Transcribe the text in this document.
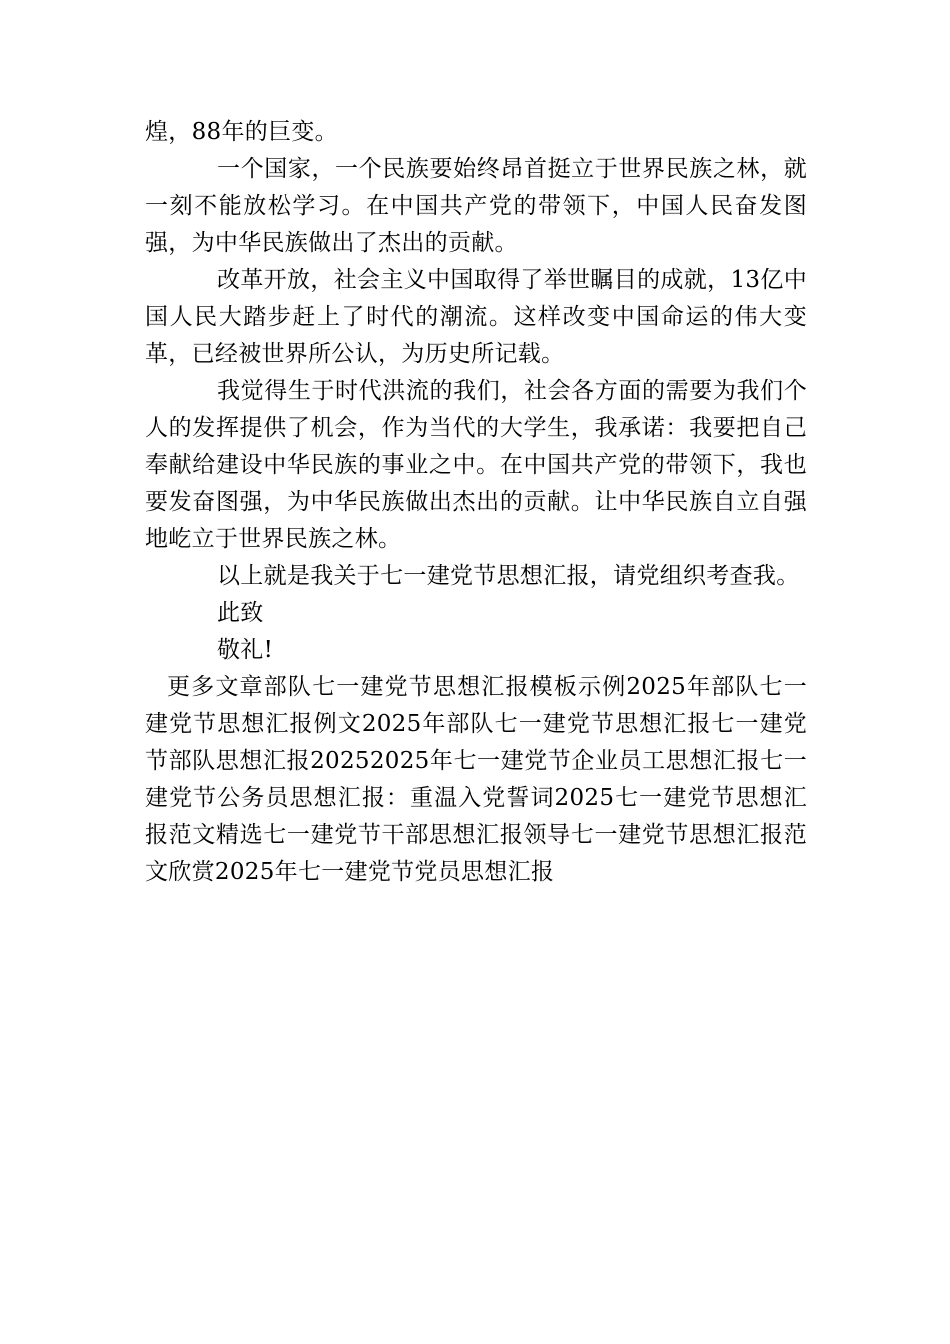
煌，88年的巨变。

一个国家，一个民族要始终昂首挺立于世界民族之林，就一刻不能放松学习。在中国共产党的带领下，中国人民奋发图强，为中华民族做出了杰出的贡献。

改革开放，社会主义中国取得了举世瞩目的成就，13亿中国人民大踏步赶上了时代的潮流。这样改变中国命运的伟大变革，已经被世界所公认，为历史所记载。

我觉得生于时代洪流的我们，社会各方面的需要为我们个人的发挥提供了机会，作为当代的大学生，我承诺：我要把自己奉献给建设中华民族的事业之中。在中国共产党的带领下，我也要发奋图强，为中华民族做出杰出的贡献。让中华民族自立自强地屹立于世界民族之林。

以上就是我关于七一建党节思想汇报，请党组织考查我。

此致

敬礼!

更多文章部队七一建党节思想汇报模板示例2025年部队七一建党节思想汇报例文2025年部队七一建党节思想汇报七一建党节部队思想汇报20252025年七一建党节企业员工思想汇报七一建党节公务员思想汇报：重温入党誓词2025七一建党节思想汇报范文精选七一建党节干部思想汇报领导七一建党节思想汇报范文欣赏2025年七一建党节党员思想汇报
